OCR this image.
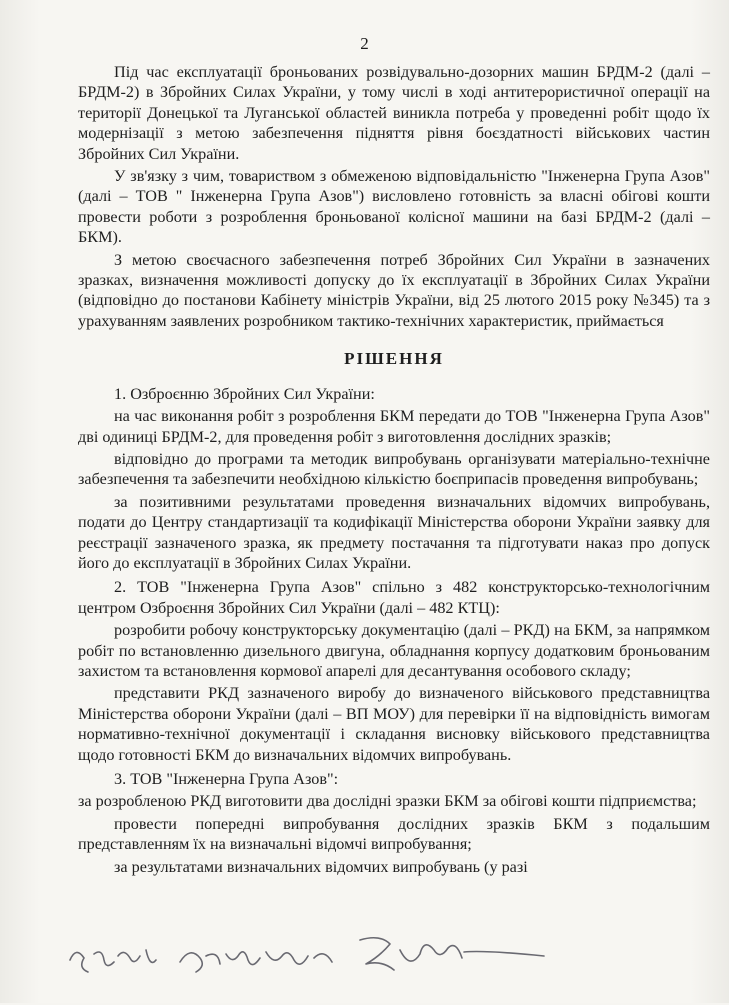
2

Під час експлуатації броньованих розвідувально-дозорних машин БРДМ-2 (далі – БРДМ-2) в Збройних Силах України, у тому числі в ході антитерористичної операції на території Донецької та Луганської областей виникла потреба у проведенні робіт щодо їх модернізації з метою забезпечення підняття рівня боєздатності військових частин Збройних Сил України.

У зв'язку з чим, товариством з обмеженою відповідальністю "Інженерна Група Азов" (далі – ТОВ " Інженерна Група Азов") висловлено готовність за власні обігові кошти провести роботи з розроблення броньованої колісної машини на базі БРДМ-2 (далі – БКМ).

З метою своєчасного забезпечення потреб Збройних Сил України в зазначених зразках, визначення можливості допуску до їх експлуатації в Збройних Силах України (відповідно до постанови Кабінету міністрів України, від 25 лютого 2015 року №345) та з урахуванням заявлених розробником тактико-технічних характеристик, приймається

РІШЕННЯ

1. Озброєнню Збройних Сил України:

на час виконання робіт з розроблення БКМ передати до ТОВ "Інженерна Група Азов" дві одиниці БРДМ-2, для проведення робіт з виготовлення дослідних зразків;

відповідно до програми та методик випробувань організувати матеріально-технічне забезпечення та забезпечити необхідною кількістю боєприпасів проведення випробувань;

за позитивними результатами проведення визначальних відомчих випробувань, подати до Центру стандартизації та кодифікації Міністерства оборони України заявку для реєстрації зазначеного зразка, як предмету постачання та підготувати наказ про допуск його до експлуатації в Збройних Силах України.

2. ТОВ "Інженерна Група Азов" спільно з 482 конструкторсько-технологічним центром Озброєння Збройних Сил України (далі – 482 КТЦ):

розробити робочу конструкторську документацію (далі – РКД) на БКМ, за напрямком робіт по встановленню дизельного двигуна, обладнання корпусу додатковим броньованим захистом та встановлення кормової апарелі для десантування особового складу;

представити РКД зазначеного виробу до визначеного військового представництва Міністерства оборони України (далі – ВП МОУ) для перевірки її на відповідність вимогам нормативно-технічної документації і складання висновку військового представництва щодо готовності БКМ до визначальних відомчих випробувань.

3. ТОВ "Інженерна Група Азов":

за розробленою РКД виготовити два дослідні зразки БКМ за обігові кошти підприємства;

провести попередні випробування дослідних зразків БКМ з подальшим представленням їх на визначальні відомчі випробування;

за результатами визначальних відомчих випробувань (у разі
